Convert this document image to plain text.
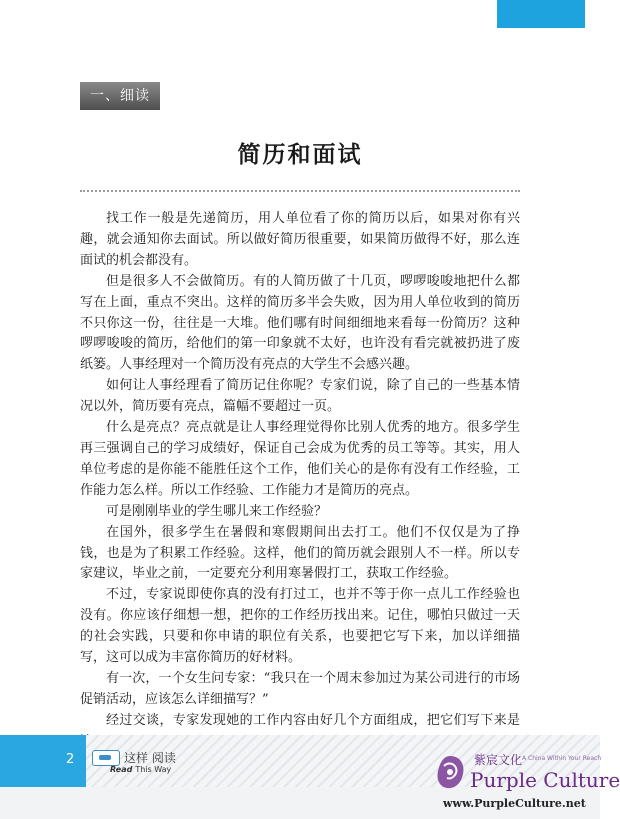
一、细读
简历和面试

找工作一般是先递简历，用人单位看了你的简历以后，如果对你有兴趣，就会通知你去面试。所以做好简历很重要，如果简历做得不好，那么连面试的机会都没有。

但是很多人不会做简历。有的人简历做了十几页，啰啰唆唆地把什么都写在上面，重点不突出。这样的简历多半会失败，因为用人单位收到的简历不只你这一份，往往是一大堆。他们哪有时间细细地来看每一份简历？这种啰啰唆唆的简历，给他们的第一印象就不太好，也许没有看完就被扔进了废纸篓。人事经理对一个简历没有亮点的大学生不会感兴趣。

如何让人事经理看了简历记住你呢？专家们说，除了自己的一些基本情况以外，简历要有亮点，篇幅不要超过一页。

什么是亮点？亮点就是让人事经理觉得你比别人优秀的地方。很多学生再三强调自己的学习成绩好，保证自己会成为优秀的员工等等。其实，用人单位考虑的是你能不能胜任这个工作，他们关心的是你有没有工作经验，工作能力怎么样。所以工作经验、工作能力才是简历的亮点。

可是刚刚毕业的学生哪儿来工作经验？

在国外，很多学生在暑假和寒假期间出去打工。他们不仅仅是为了挣钱，也是为了积累工作经验。这样，他们的简历就会跟别人不一样。所以专家建议，毕业之前，一定要充分利用寒暑假打工，获取工作经验。

不过，专家说即使你真的没有打过工，也并不等于你一点儿工作经验也没有。你应该仔细想一想，把你的工作经历找出来。记住，哪怕只做过一天的社会实践，只要和你申请的职位有关系，也要把它写下来，加以详细描写，这可以成为丰富你简历的好材料。

有一次，一个女生问专家：“我只在一个周末参加过为某公司进行的市场促销活动，应该怎么详细描写？”

经过交谈，专家发现她的工作内容由好几个方面组成，把它们写下来是

2	这样 阅读
Read This Way
紫宸文化 A China Within Your Reach
Purple Culture
www.PurpleCulture.net
